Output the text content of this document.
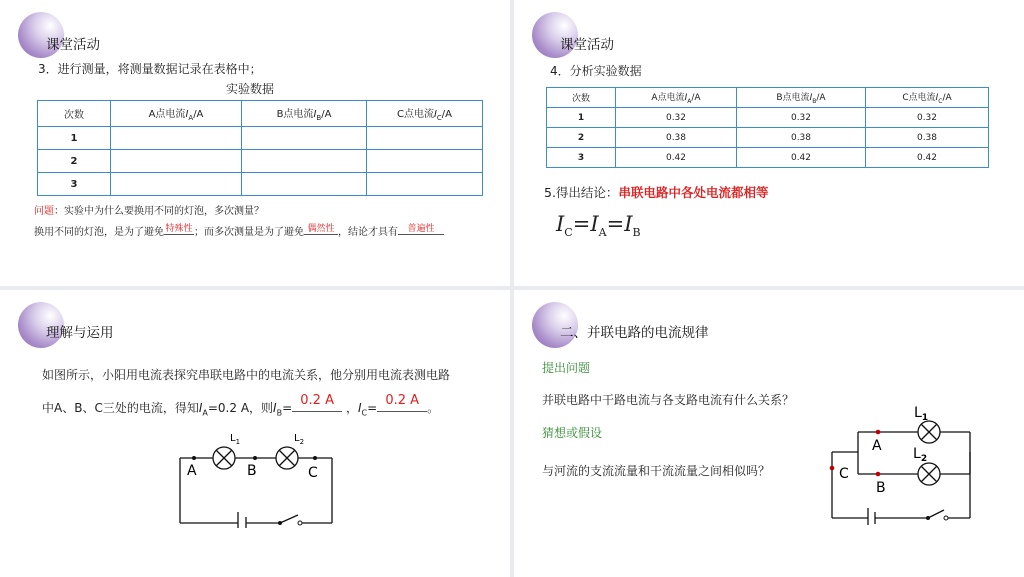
课堂活动
3．进行测量，将测量数据记录在表格中；
实验数据
次数	A点电流$I_A/A$	B点电流$I_B/A$	C点电流$I_C/A$
1			
2			
3			
问题：实验中为什么要换用不同的灯泡，多次测量？
换用不同的灯泡，是为了避免 特殊性 ；而多次测量是为了避免 偶然性 ，结论才具有	普遍性
课堂活动
4．分析实验数据
次数	A点电流$I_A/A$	B点电流$I_B/A$	C点电流$I_C/A$
1	0.32	0.32	0.32
2	0.38	0.38	0.38
3	0.42	0.42	0.42
5.得出结论：串联电路中各处电流都相等
$I_C=I_A=I_B$
理解与运用
如图所示，小阳用电流表探究串联电路中的电流关系，他分别用电流表测电路
中A、B、C三处的电流，得知$I_A=0.2$ A，则$I_B= 0.2$ A ，$I_C= 0.2$ A 。
A	B	C
$L_1$	$L_2$
二、并联电路的电流规律
提出问题
并联电路中干路电流与各支路电流有什么关系？
猜想或假设
与河流的支流流量和干流流量之间相似吗？
A
B
C
$L_1$
$L_2$
